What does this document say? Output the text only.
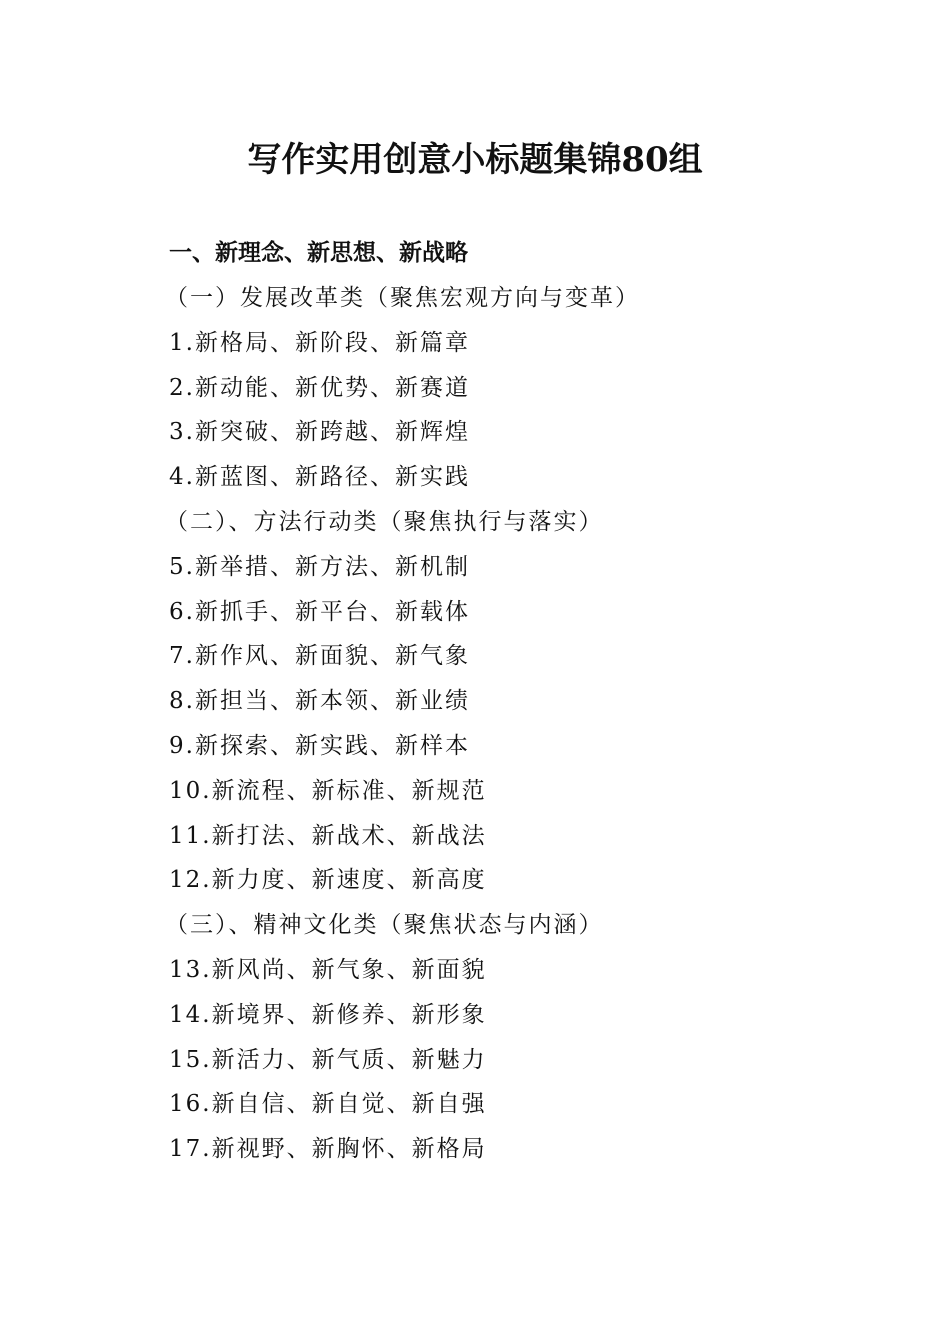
写作实用创意小标题集锦80组
一、新理念、新思想、新战略
（一）发展改革类（聚焦宏观方向与变革）
1.新格局、新阶段、新篇章
2.新动能、新优势、新赛道
3.新突破、新跨越、新辉煌
4.新蓝图、新路径、新实践
（二）、方法行动类（聚焦执行与落实）
5.新举措、新方法、新机制
6.新抓手、新平台、新载体
7.新作风、新面貌、新气象
8.新担当、新本领、新业绩
9.新探索、新实践、新样本
10.新流程、新标准、新规范
11.新打法、新战术、新战法
12.新力度、新速度、新高度
（三）、精神文化类（聚焦状态与内涵）
13.新风尚、新气象、新面貌
14.新境界、新修养、新形象
15.新活力、新气质、新魅力
16.新自信、新自觉、新自强
17.新视野、新胸怀、新格局
